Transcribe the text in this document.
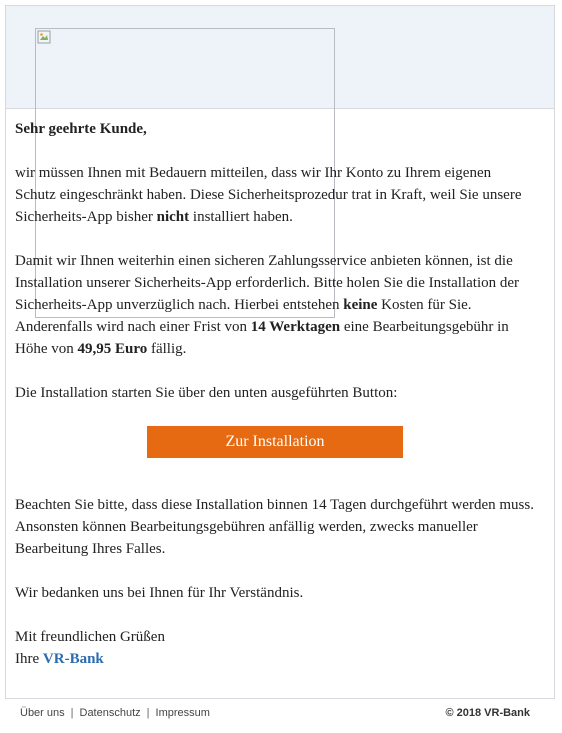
Sehr geehrte Kunde,

wir müssen Ihnen mit Bedauern mitteilen, dass wir Ihr Konto zu Ihrem eigenen Schutz eingeschränkt haben. Diese Sicherheitsprozedur trat in Kraft, weil Sie unsere Sicherheits-App bisher nicht installiert haben.

Damit wir Ihnen weiterhin einen sicheren Zahlungsservice anbieten können, ist die Installation unserer Sicherheits-App erforderlich. Bitte holen Sie die Installation der Sicherheits-App unverzüglich nach. Hierbei entstehen keine Kosten für Sie. Anderenfalls wird nach einer Frist von 14 Werktagen eine Bearbeitungsgebühr in Höhe von 49,95 Euro fällig.

Die Installation starten Sie über den unten ausgeführten Button:

Zur Installation

Beachten Sie bitte, dass diese Installation binnen 14 Tagen durchgeführt werden muss. Ansonsten können Bearbeitungsgebühren anfällig werden, zwecks manueller Bearbeitung Ihres Falles.

Wir bedanken uns bei Ihnen für Ihr Verständnis.

Mit freundlichen Grüßen
Ihre VR-Bank

Über uns | Datenschutz | Impressum	© 2018 VR-Bank
